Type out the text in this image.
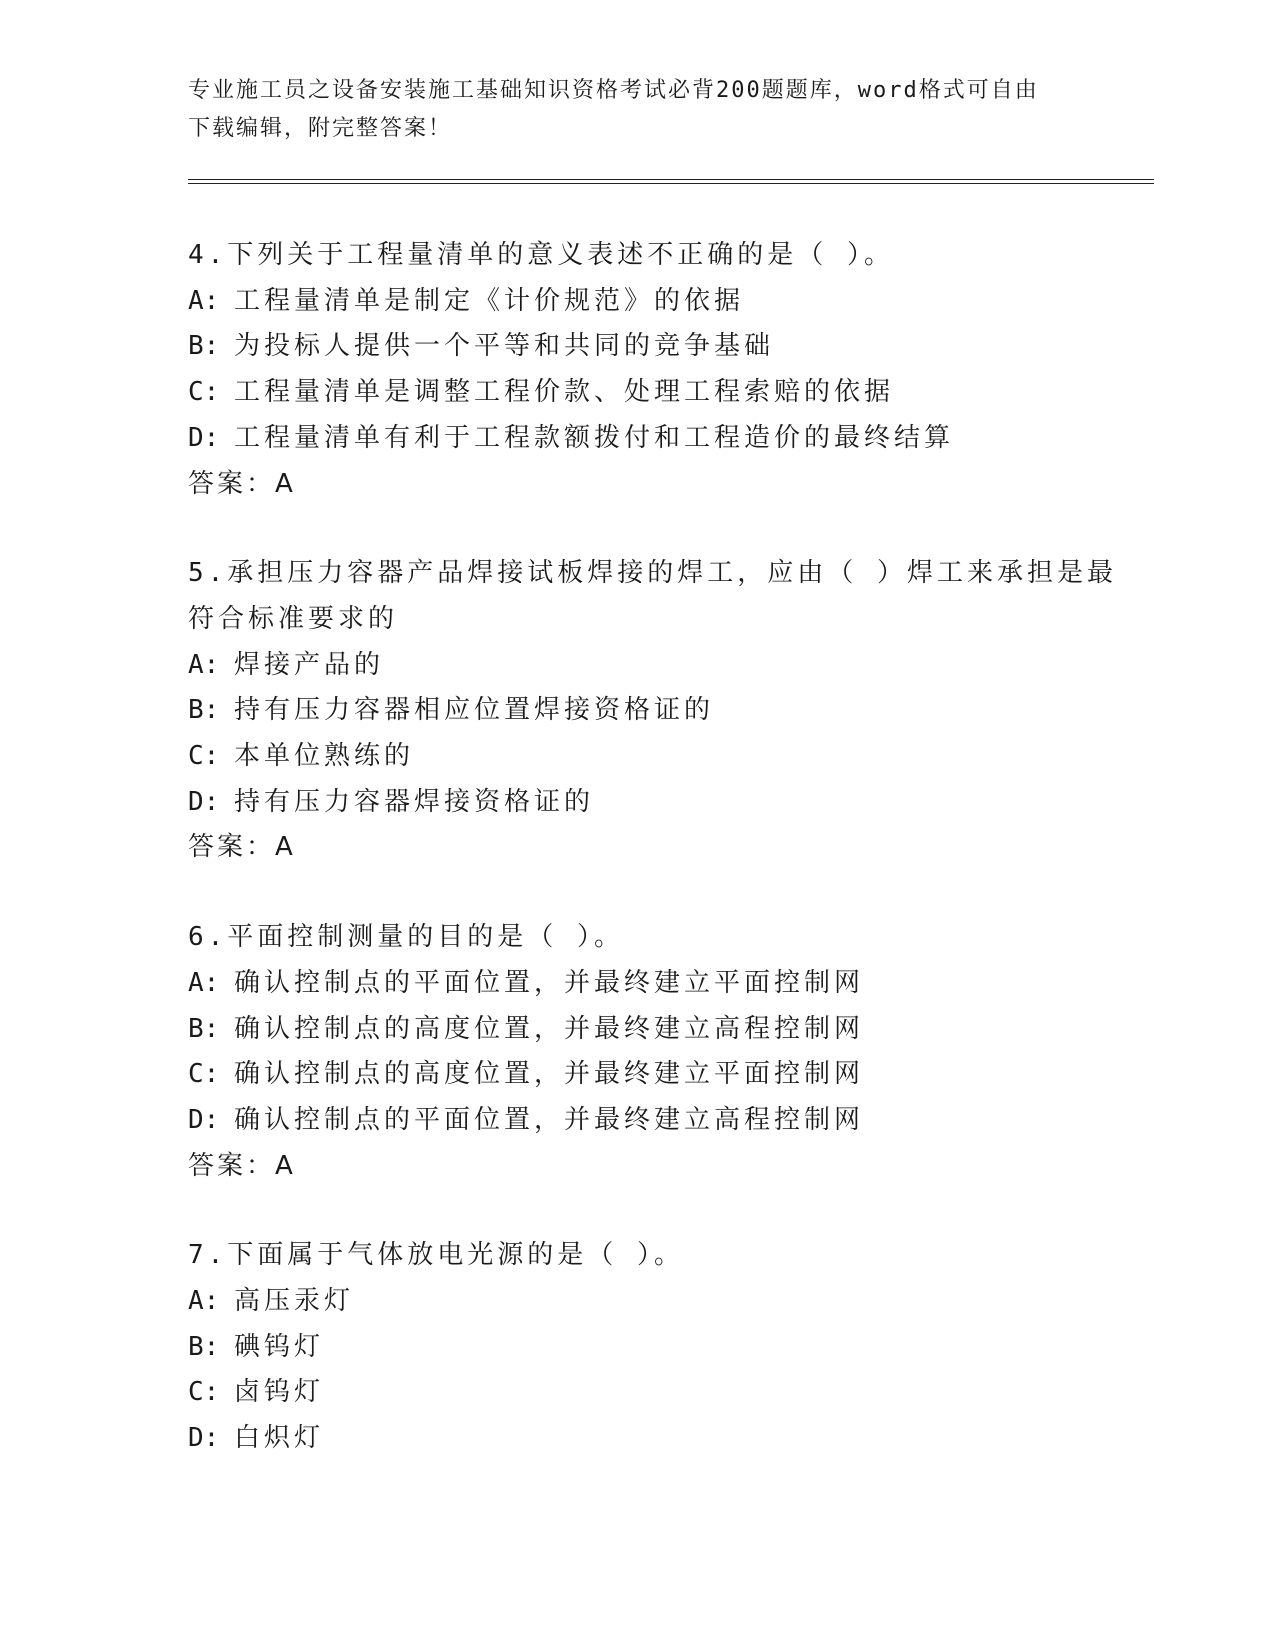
专业施工员之设备安装施工基础知识资格考试必背200题题库，word格式可自由
下载编辑，附完整答案！

4.下列关于工程量清单的意义表述不正确的是（ ）。

A: 工程量清单是制定《计价规范》的依据

B: 为投标人提供一个平等和共同的竞争基础

C: 工程量清单是调整工程价款、处理工程索赔的依据

D: 工程量清单有利于工程款额拨付和工程造价的最终结算

答案：A

5.承担压力容器产品焊接试板焊接的焊工，应由（ ）焊工来承担是最

符合标准要求的

A: 焊接产品的

B: 持有压力容器相应位置焊接资格证的

C: 本单位熟练的

D: 持有压力容器焊接资格证的

答案：A

6.平面控制测量的目的是（ ）。

A: 确认控制点的平面位置，并最终建立平面控制网

B: 确认控制点的高度位置，并最终建立高程控制网

C: 确认控制点的高度位置，并最终建立平面控制网

D: 确认控制点的平面位置，并最终建立高程控制网

答案：A

7.下面属于气体放电光源的是（ ）。

A: 高压汞灯

B: 碘钨灯

C: 卤钨灯

D: 白炽灯
